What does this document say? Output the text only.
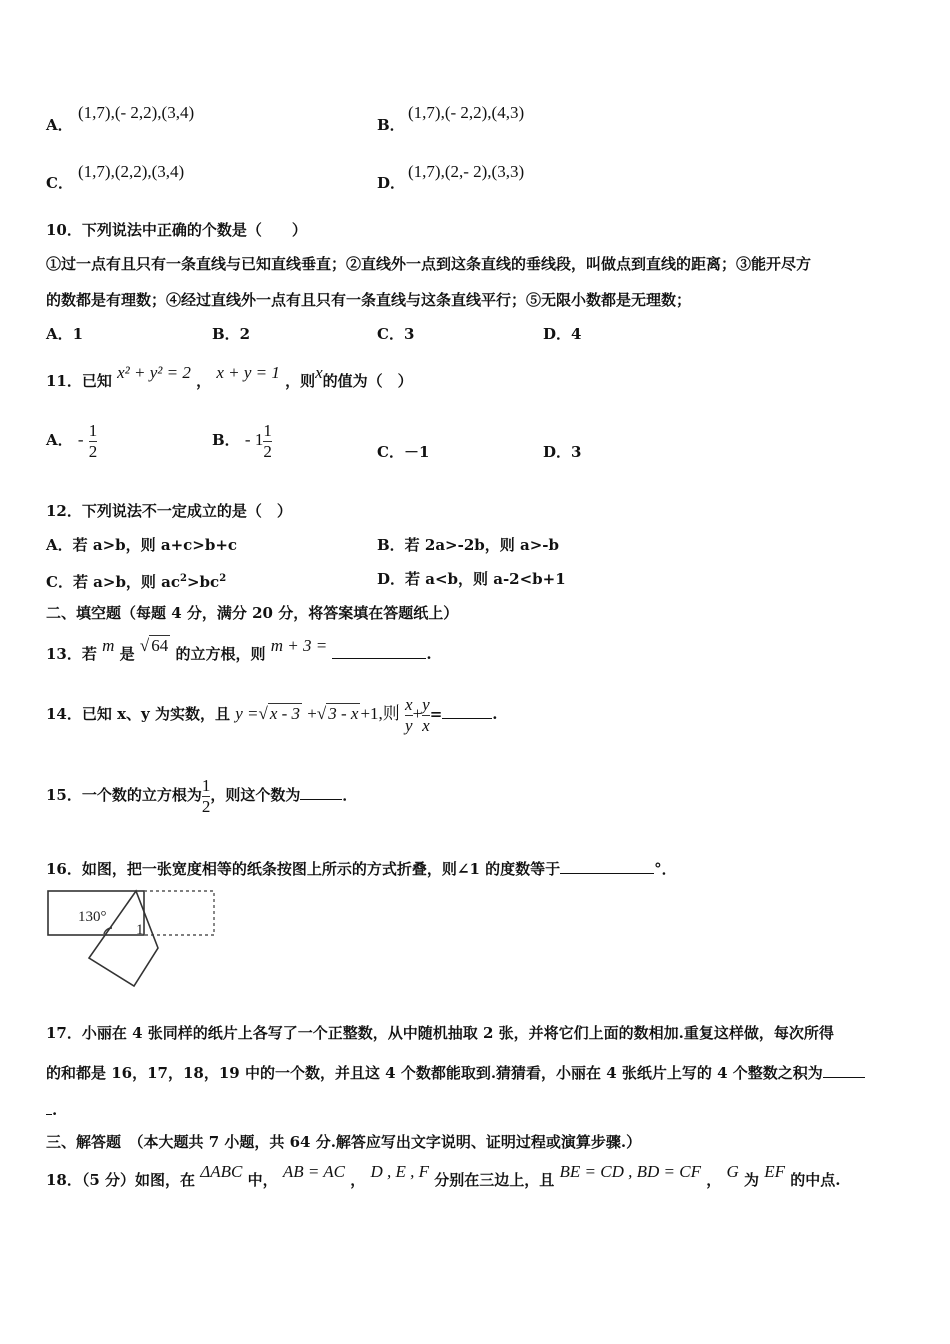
A．
(1,7),(- 2,2),(3,4)
B．
(1,7),(- 2,2),(4,3)
C．
(1,7),(2,2),(3,4)
D．
(1,7),(2,- 2),(3,3)
10．下列说法中正确的个数是（　　）
①过一点有且只有一条直线与已知直线垂直；②直线外一点到这条直线的垂线段，叫做点到直线的距离；③能开尽方
的数都是有理数；④经过直线外一点有且只有一条直线与这条直线平行；⑤无限小数都是无理数；
A．1	B．2	C．3	D．4
11．已知 x² + y² = 2 ， x + y = 1 ，则x的值为（　）
A． - $\frac{1}{2}$	B． - $1 \frac{1}{2}$	C．－1	D．3
12．下列说法不一定成立的是（　）
A．若 a>b，则 a+c>b+c	B．若 2a>-2b，则 a>-b
C．若 a>b，则 $ac^2>bc^2$	D．若 a<b，则 a-2<b+1
二、填空题（每题 4 分，满分 20 分，将答案填在答题纸上）
13．若 m 是 √ 64 的立方根，则 m + 3 =	.
14．已知 x、y 为实数，且 y =√ x - 3 +√ 3 - x +1,则 $\frac{x}{y} + \frac{y}{x}$ =	.
15．一个数的立方根为 $\frac{1}{2}$ ，则这个数为	．
16．如图，把一张宽度相等的纸条按图上所示的方式折叠，则∠1 的度数等于	°．
130°
1
17．小丽在 4 张同样的纸片上各写了一个正整数，从中随机抽取 2 张，并将它们上面的数相加.重复这样做，每次所得
的和都是 16，17，18，19 中的一个数，并且这 4 个数都能取到.猜猜看，小丽在 4 张纸片上写的 4 个整数之积为
.
三、解答题　（本大题共 7 小题，共 64 分.解答应写出文字说明、证明过程或演算步骤.）
18．（5 分）如图，在 ΔABC 中， AB = AC ， D , E , F 分别在三边上，且 BE = CD , BD = CF ， G 为 EF 的中点.
